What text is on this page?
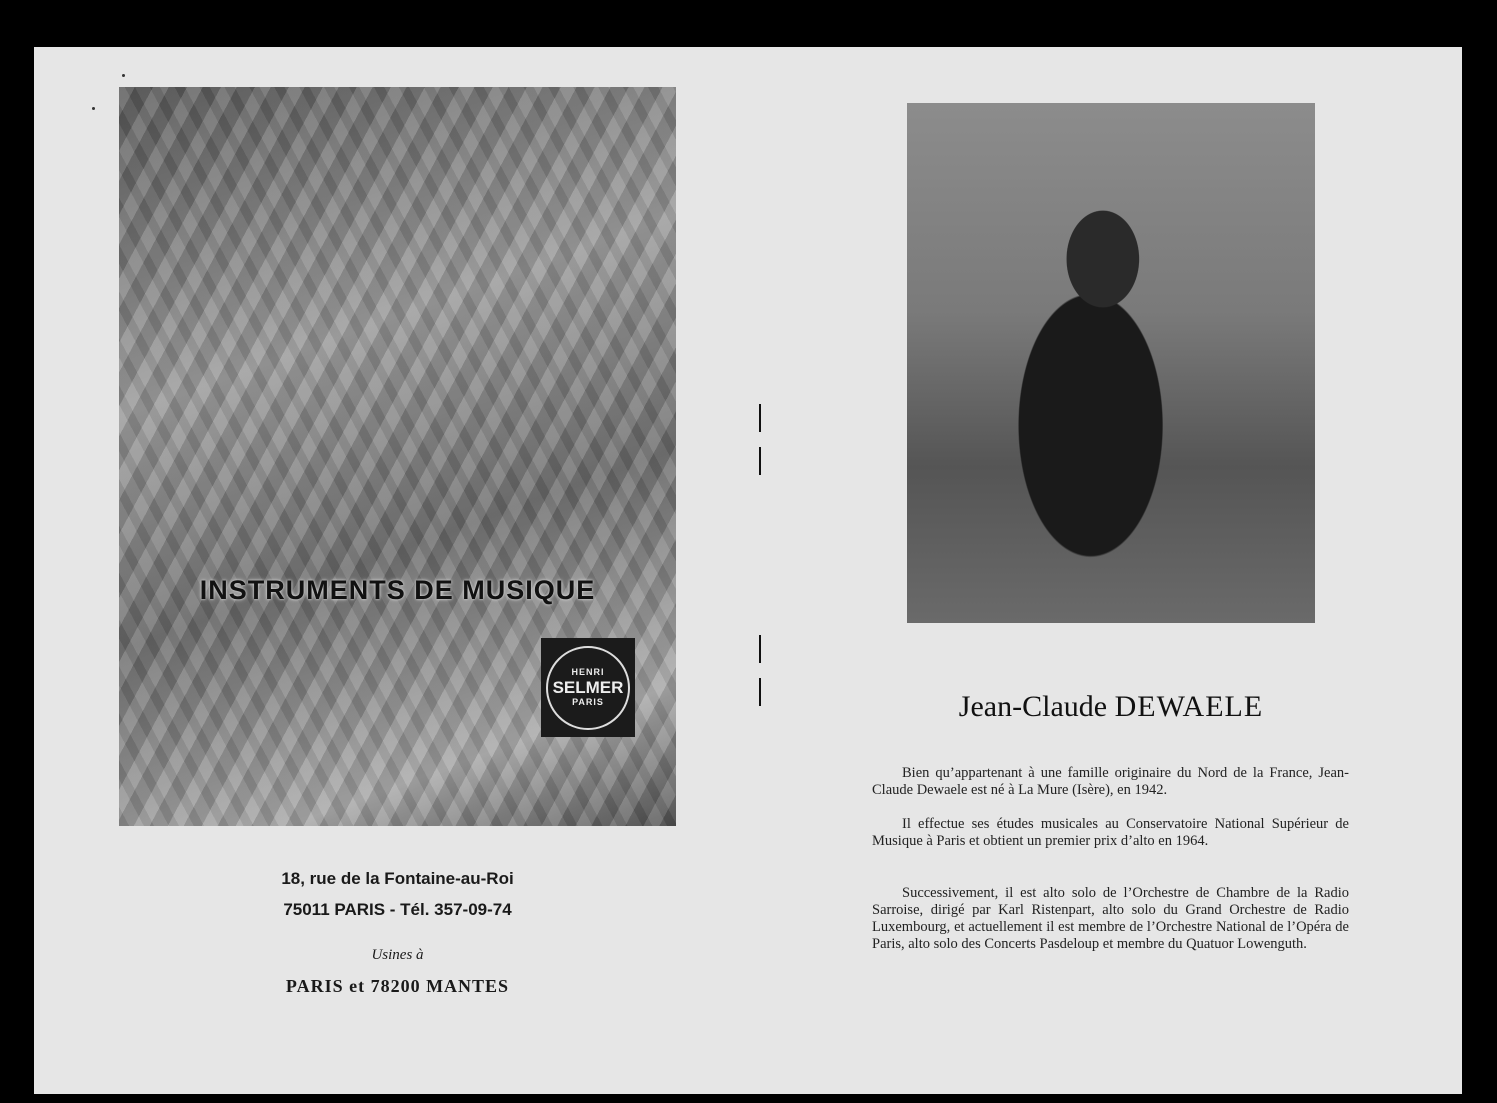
INSTRUMENTS DE MUSIQUE
HENRI
SELMER
PARIS
18, rue de la Fontaine-au-Roi
75011 PARIS - Tél. 357-09-74
Usines à
PARIS et 78200 MANTES
Jean-Claude DEWAELE

Bien qu’appartenant à une famille originaire du Nord de la France, Jean-Claude Dewaele est né à La Mure (Isère), en 1942.

Il effectue ses études musicales au Conservatoire National Supérieur de Musique à Paris et obtient un premier prix d’alto en 1964.

Successivement, il est alto solo de l’Orchestre de Chambre de la Radio Sarroise, dirigé par Karl Ristenpart, alto solo du Grand Orchestre de Radio Luxembourg, et actuellement il est membre de l’Orchestre National de l’Opéra de Paris, alto solo des Concerts Pasdeloup et membre du Quatuor Lowenguth.
